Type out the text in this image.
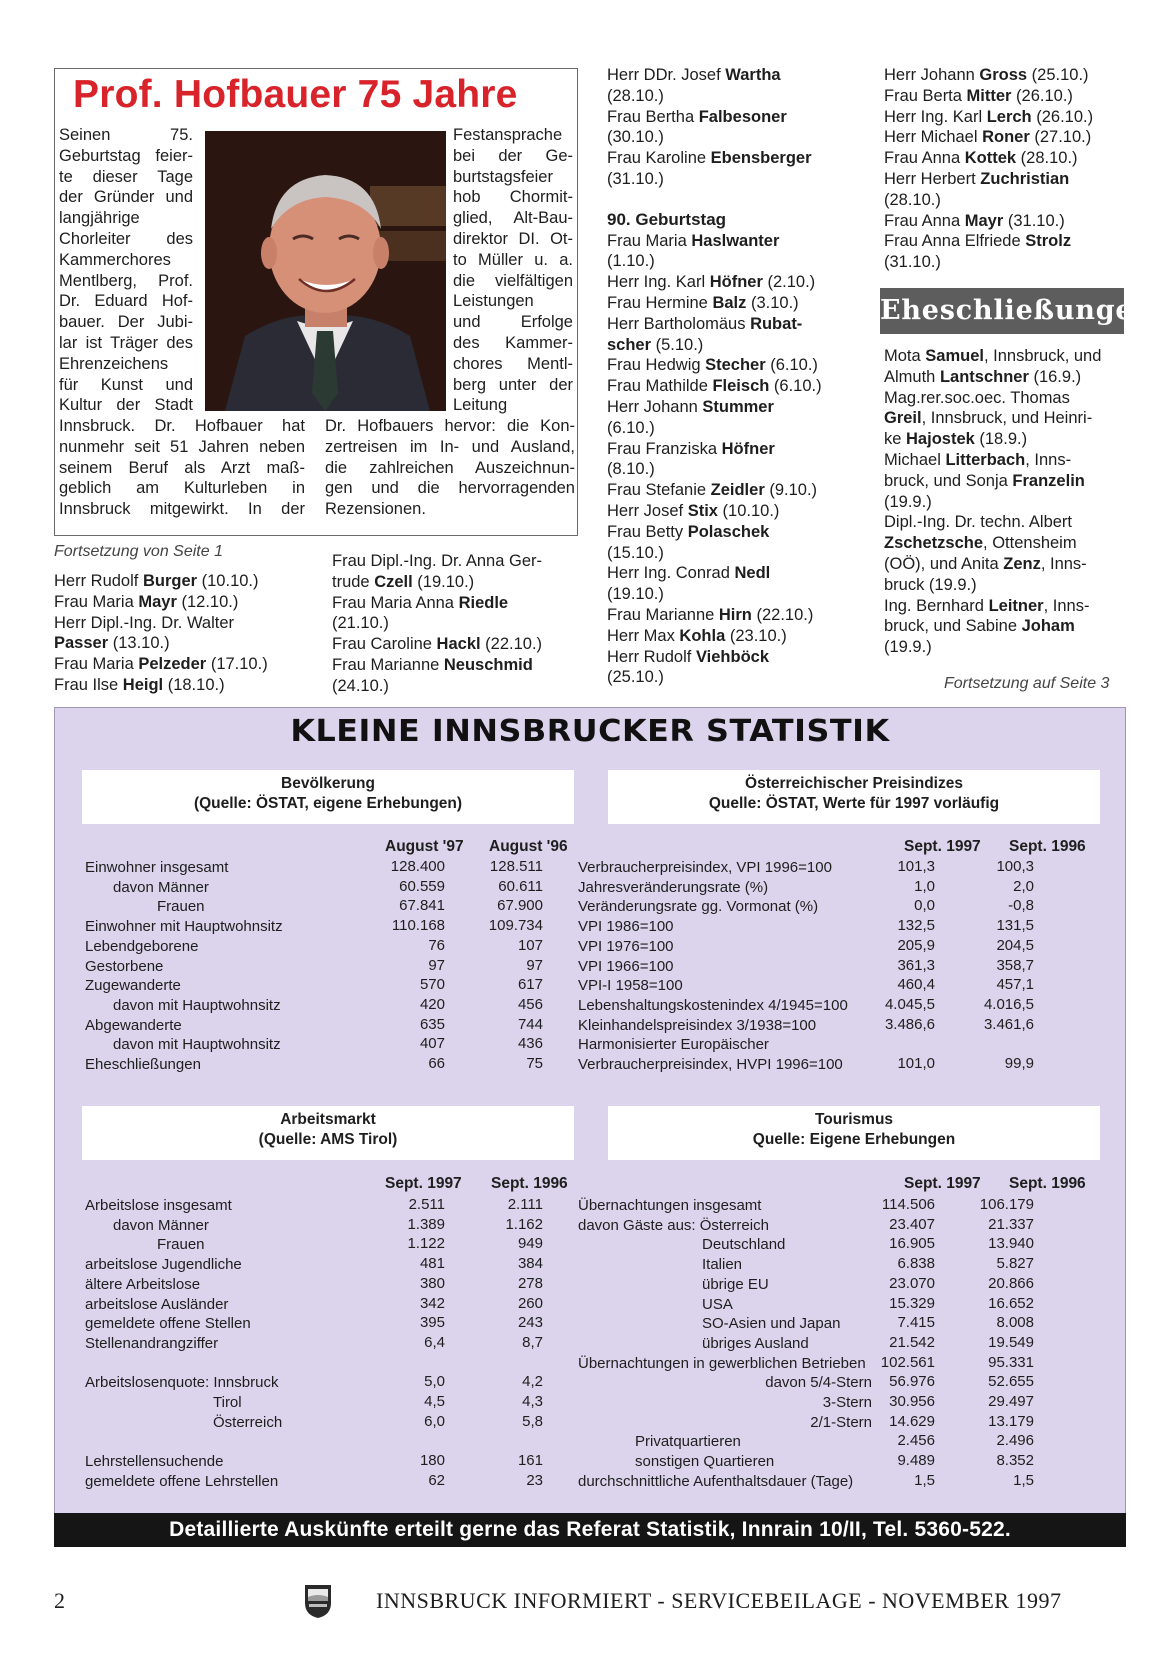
Prof. Hofbauer 75 Jahre
Seinen 75.
Geburtstag feier-
te dieser Tage
der Gründer und
langjährige
Chorleiter des
Kammerchores
Mentlberg, Prof.
Dr. Eduard Hof-
bauer. Der Jubi-
lar ist Träger des
Ehrenzeichens
für Kunst und
Kultur der Stadt
Festansprache
bei der Ge-
burtstagsfeier
hob Chormit-
glied, Alt-Bau-
direktor DI. Ot-
to Müller u. a.
die vielfältigen
Leistungen
und Erfolge
des Kammer-
chores Mentl-
berg unter der
Leitung
Innsbruck. Dr. Hofbauer hat
nunmehr seit 51 Jahren neben
seinem Beruf als Arzt maß-
geblich am Kulturleben in
Innsbruck mitgewirkt. In der
Dr. Hofbauers hervor: die Kon-
zertreisen im In- und Ausland,
die zahlreichen Auszeichnun-
gen und die hervorragenden
Rezensionen.
Fortsetzung von Seite 1
Herr Rudolf Burger (10.10.)
Frau Maria Mayr (12.10.)
Herr Dipl.-Ing. Dr. Walter
Passer (13.10.)
Frau Maria Pelzeder (17.10.)
Frau Ilse Heigl (18.10.)
Frau Dipl.-Ing. Dr. Anna Ger-
trude Czell (19.10.)
Frau Maria Anna Riedle
(21.10.)
Frau Caroline Hackl (22.10.)
Frau Marianne Neuschmid
(24.10.)
Herr DDr. Josef Wartha
(28.10.)
Frau Bertha Falbesoner
(30.10.)
Frau Karoline Ebensberger
(31.10.)
90. Geburtstag
Frau Maria Haslwanter
(1.10.)
Herr Ing. Karl Höfner (2.10.)
Frau Hermine Balz (3.10.)
Herr Bartholomäus Rubat-
scher (5.10.)
Frau Hedwig Stecher (6.10.)
Frau Mathilde Fleisch (6.10.)
Herr Johann Stummer
(6.10.)
Frau Franziska Höfner
(8.10.)
Frau Stefanie Zeidler (9.10.)
Herr Josef Stix (10.10.)
Frau Betty Polaschek
(15.10.)
Herr Ing. Conrad Nedl
(19.10.)
Frau Marianne Hirn (22.10.)
Herr Max Kohla (23.10.)
Herr Rudolf Viehböck
(25.10.)
Herr Johann Gross (25.10.)
Frau Berta Mitter (26.10.)
Herr Ing. Karl Lerch (26.10.)
Herr Michael Roner (27.10.)
Frau Anna Kottek (28.10.)
Herr Herbert Zuchristian
(28.10.)
Frau Anna Mayr (31.10.)
Frau Anna Elfriede Strolz
(31.10.)
Eheschließungen
Mota Samuel, Innsbruck, und
Almuth Lantschner (16.9.)
Mag.rer.soc.oec. Thomas
Greil, Innsbruck, und Heinri-
ke Hajostek (18.9.)
Michael Litterbach, Inns-
bruck, und Sonja Franzelin
(19.9.)
Dipl.-Ing. Dr. techn. Albert
Zschetzsche, Ottensheim
(OÖ), und Anita Zenz, Inns-
bruck (19.9.)
Ing. Bernhard Leitner, Inns-
bruck, und Sabine Joham
(19.9.)
Fortsetzung auf Seite 3
KLEINE INNSBRUCKER STATISTIK
Bevölkerung
(Quelle: ÖSTAT, eigene Erhebungen)
August '97 August '96
Einwohner insgesamt	128.400	128.511
davon Männer	60.559	60.611
Frauen	67.841	67.900
Einwohner mit Hauptwohnsitz	110.168	109.734
Lebendgeborene	76	107
Gestorbene	97	97
Zugewanderte	570	617
davon mit Hauptwohnsitz	420	456
Abgewanderte	635	744
davon mit Hauptwohnsitz	407	436
Eheschließungen	66	75
Österreichischer Preisindizes
Quelle: ÖSTAT, Werte für 1997 vorläufig
Sept. 1997 Sept. 1996
Verbraucherpreisindex, VPI 1996=100	101,3	100,3
Jahresveränderungsrate (%)	1,0	2,0
Veränderungsrate gg. Vormonat (%)	0,0	-0,8
VPI 1986=100	132,5	131,5
VPI 1976=100	205,9	204,5
VPI 1966=100	361,3	358,7
VPI-I 1958=100	460,4	457,1
Lebenshaltungskostenindex 4/1945=100 4.045,5	4.016,5
Kleinhandelspreisindex 3/1938=100	3.486,6	3.461,6
Harmonisierter Europäischer
Verbraucherpreisindex, HVPI 1996=100	101,0	99,9
Arbeitsmarkt
(Quelle: AMS Tirol)
Sept. 1997 Sept. 1996
Arbeitslose insgesamt	2.511	2.111
davon Männer	1.389	1.162
Frauen	1.122	949
arbeitslose Jugendliche	481	384
ältere Arbeitslose	380	278
arbeitslose Ausländer	342	260
gemeldete offene Stellen	395	243
Stellenandrangziffer	6,4	8,7
Arbeitslosenquote: Innsbruck	5,0	4,2
Tirol	4,5	4,3
Österreich	6,0	5,8
Lehrstellensuchende	180	161
gemeldete offene Lehrstellen	62	23
Tourismus
Quelle: Eigene Erhebungen
Sept. 1997 Sept. 1996
Übernachtungen insgesamt	114.506	106.179
davon Gäste aus: Österreich	23.407	21.337
Deutschland	16.905	13.940
Italien	6.838	5.827
übrige EU	23.070	20.866
USA	15.329	16.652
SO-Asien und Japan	7.415	8.008
übriges Ausland	21.542	19.549
Übernachtungen in gewerblichen Betrieben 102.561	95.331
davon 5/4-Stern 56.976	52.655
3-Stern 30.956	29.497
2/1-Stern 14.629	13.179
Privatquartieren	2.456	2.496
sonstigen Quartieren	9.489	8.352
durchschnittliche Aufenthaltsdauer (Tage)	1,5	1,5
Detaillierte Auskünfte erteilt gerne das Referat Statistik, Innrain 10/II, Tel. 5360-522.
2	INNSBRUCK INFORMIERT - SERVICEBEILAGE - NOVEMBER 1997
